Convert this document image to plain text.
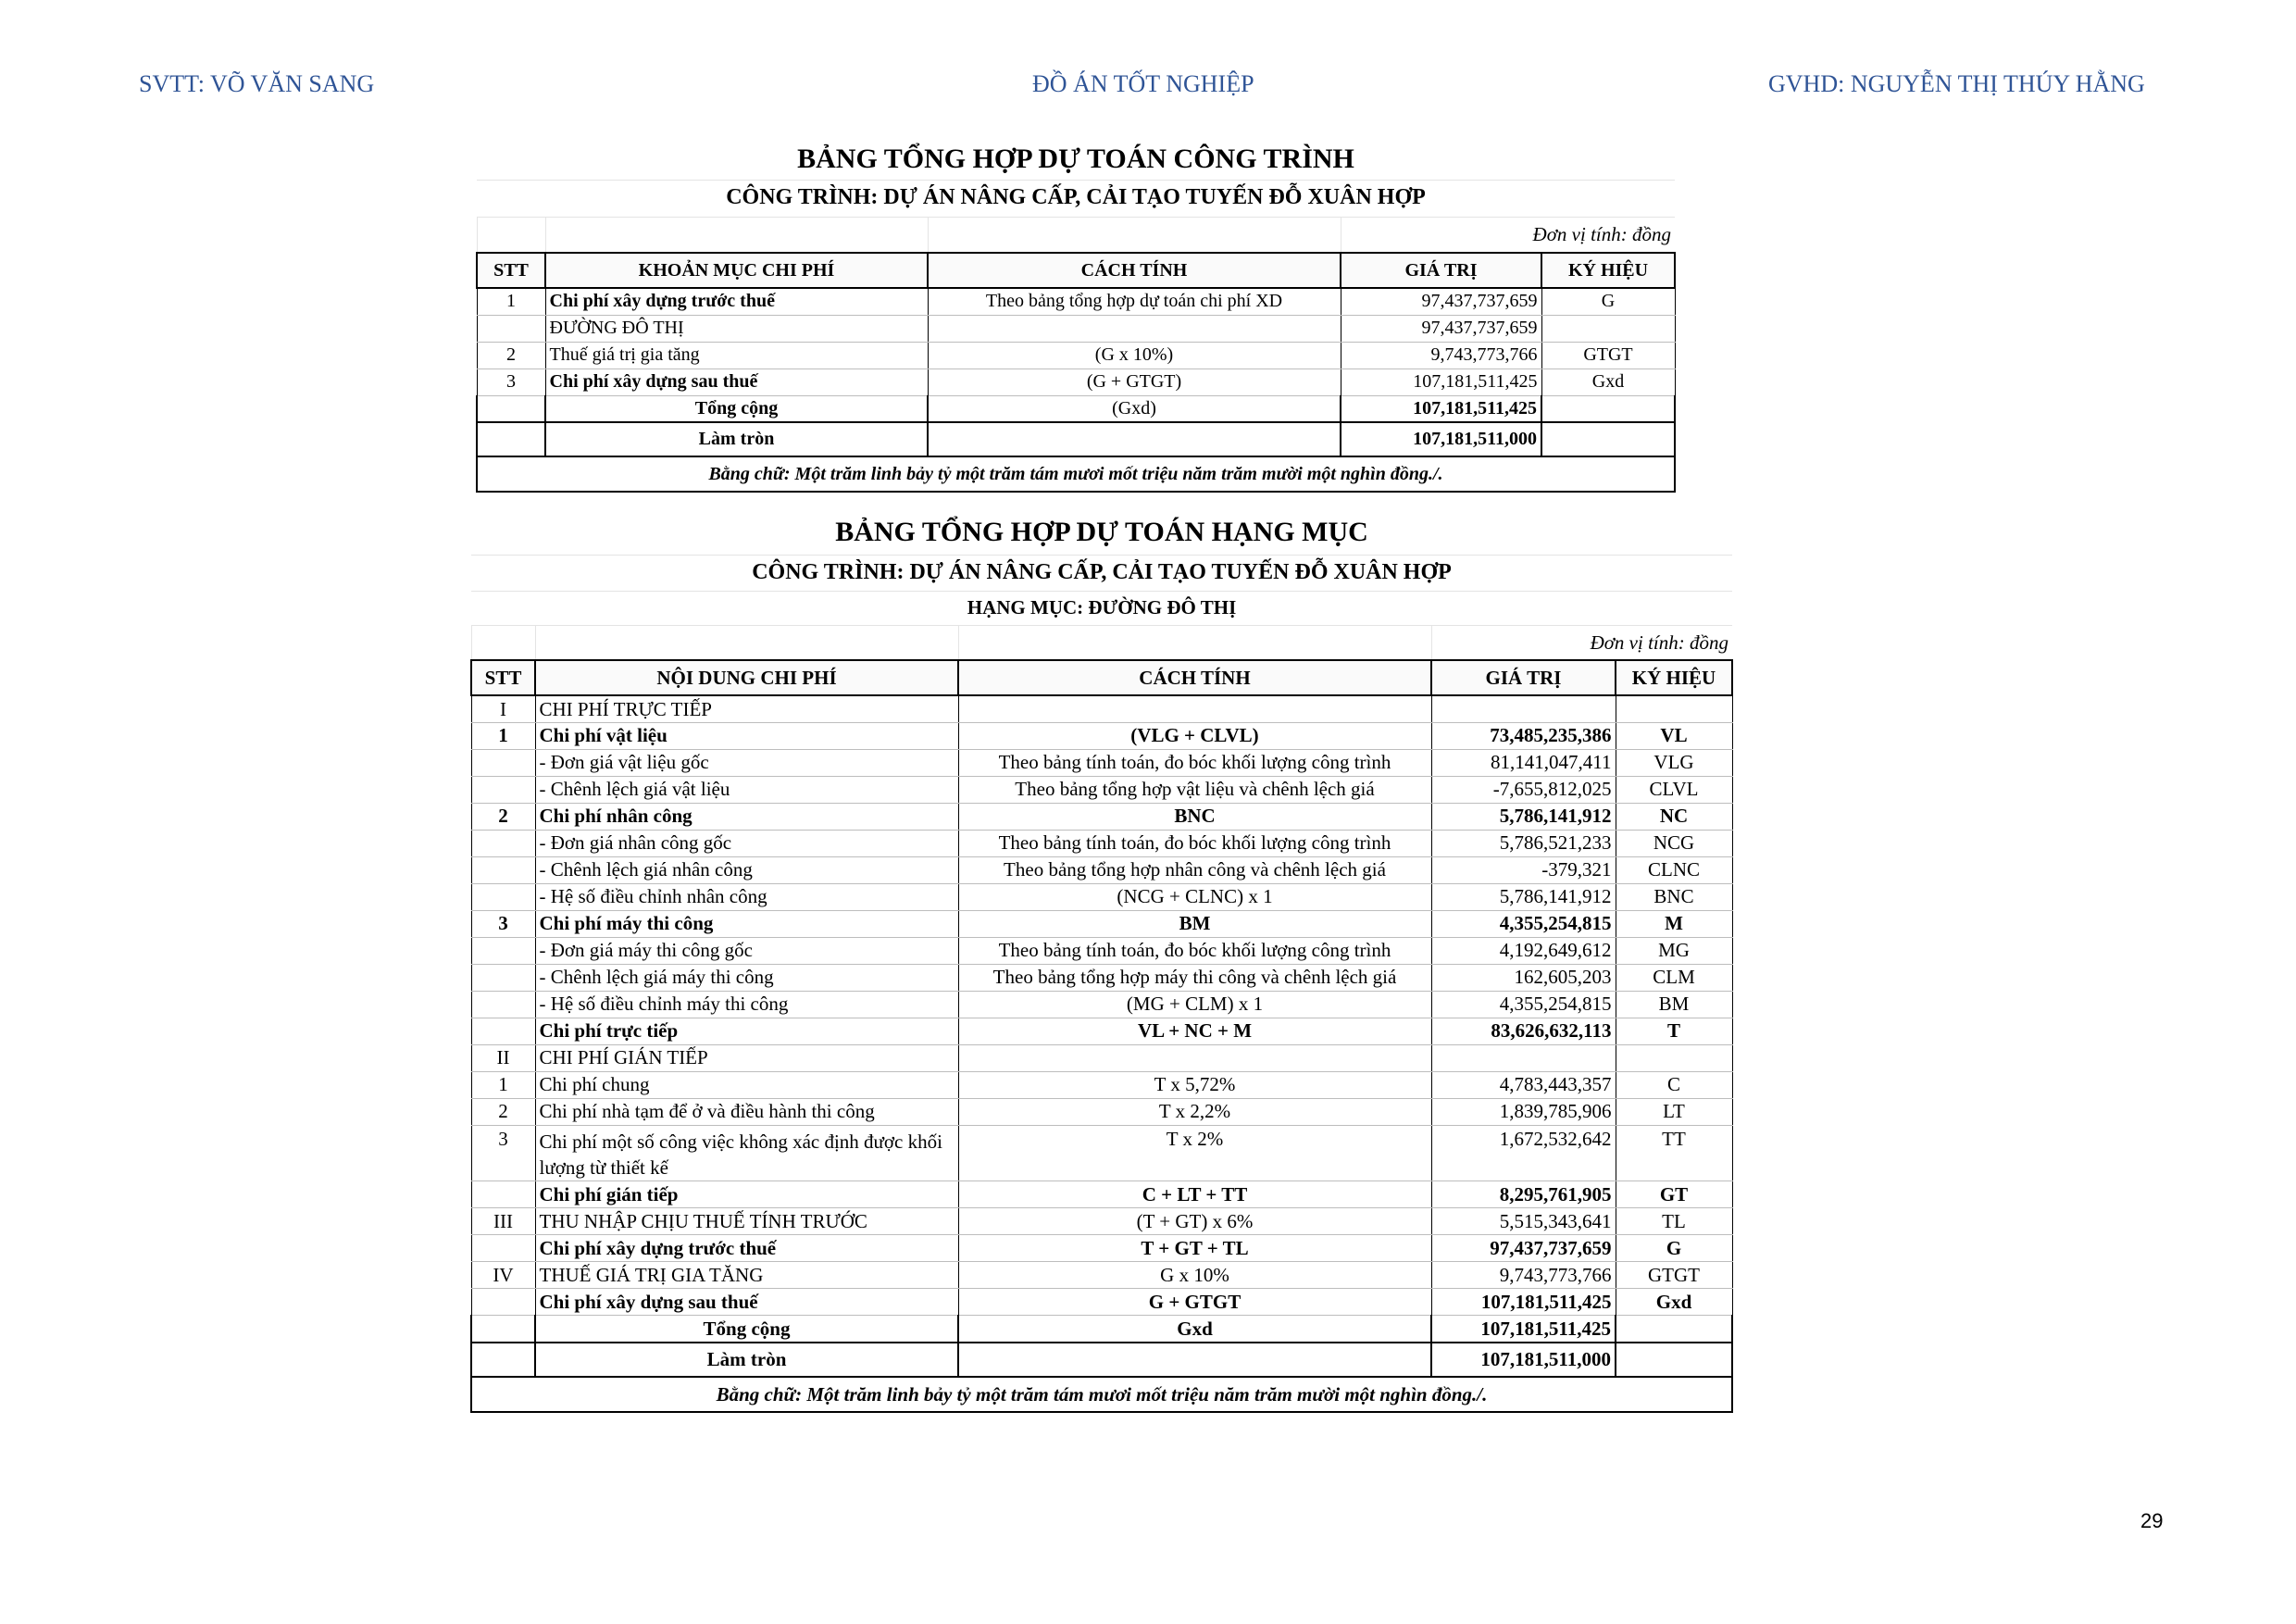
SVTT: VÕ VĂN SANG	ĐỒ ÁN TỐT NGHIỆP	GVHD: NGUYỄN THỊ THÚY HẰNG
BẢNG TỔNG HỢP DỰ TOÁN CÔNG TRÌNH				
CÔNG TRÌNH: DỰ ÁN NÂNG CẤP, CẢI TẠO TUYẾN ĐỖ XUÂN HỢP				
			Đơn vị tính: đồng	
STT	KHOẢN MỤC CHI PHÍ	CÁCH TÍNH	GIÁ TRỊ	KÝ HIỆU
1	Chi phí xây dựng trước thuế	Theo bảng tổng hợp dự toán chi phí XD	97,437,737,659	G
	ĐƯỜNG ĐÔ THỊ		97,437,737,659	
2	Thuế giá trị gia tăng	(G x 10%)	9,743,773,766	GTGT
3	Chi phí xây dựng sau thuế	(G + GTGT)	107,181,511,425	Gxd
	Tổng cộng	(Gxd)	107,181,511,425	
	Làm tròn		107,181,511,000	
Bằng chữ: Một trăm linh bảy tỷ một trăm tám mươi mốt triệu năm trăm mười một nghìn đồng./.				
BẢNG TỔNG HỢP DỰ TOÁN HẠNG MỤC				
CÔNG TRÌNH: DỰ ÁN NÂNG CẤP, CẢI TẠO TUYẾN ĐỖ XUÂN HỢP				
HẠNG MỤC: ĐƯỜNG ĐÔ THỊ				
			Đơn vị tính: đồng	
STT	NỘI DUNG CHI PHÍ	CÁCH TÍNH	GIÁ TRỊ	KÝ HIỆU
I	CHI PHÍ TRỰC TIẾP			
1	Chi phí vật liệu	(VLG + CLVL)	73,485,235,386	VL
	- Đơn giá vật liệu gốc	Theo bảng tính toán, đo bóc khối lượng công trình	81,141,047,411	VLG
	- Chênh lệch giá vật liệu	Theo bảng tổng hợp vật liệu và chênh lệch giá	-7,655,812,025	CLVL
2	Chi phí nhân công	BNC	5,786,141,912	NC
	- Đơn giá nhân công gốc	Theo bảng tính toán, đo bóc khối lượng công trình	5,786,521,233	NCG
	- Chênh lệch giá nhân công	Theo bảng tổng hợp nhân công và chênh lệch giá	-379,321	CLNC
	- Hệ số điều chỉnh nhân công	(NCG + CLNC) x 1	5,786,141,912	BNC
3	Chi phí máy thi công	BM	4,355,254,815	M
	- Đơn giá máy thi công gốc	Theo bảng tính toán, đo bóc khối lượng công trình	4,192,649,612	MG
	- Chênh lệch giá máy thi công	Theo bảng tổng hợp máy thi công và chênh lệch giá	162,605,203	CLM
	- Hệ số điều chỉnh máy thi công	(MG + CLM) x 1	4,355,254,815	BM
	Chi phí trực tiếp	VL + NC + M	83,626,632,113	T
II	CHI PHÍ GIÁN TIẾP			
1	Chi phí chung	T x 5,72%	4,783,443,357	C
2	Chi phí nhà tạm để ở và điều hành thi công	T x 2,2%	1,839,785,906	LT
3	Chi phí một số công việc không xác định được khối lượng từ thiết kế	T x 2%	1,672,532,642	TT
	Chi phí gián tiếp	C + LT + TT	8,295,761,905	GT
III	THU NHẬP CHỊU THUẾ TÍNH TRƯỚC	(T + GT) x 6%	5,515,343,641	TL
	Chi phí xây dựng trước thuế	T + GT + TL	97,437,737,659	G
IV	THUẾ GIÁ TRỊ GIA TĂNG	G x 10%	9,743,773,766	GTGT
	Chi phí xây dựng sau thuế	G + GTGT	107,181,511,425	Gxd
	Tổng cộng	Gxd	107,181,511,425	
	Làm tròn		107,181,511,000	
Bằng chữ: Một trăm linh bảy tỷ một trăm tám mươi mốt triệu năm trăm mười một nghìn đồng./.				
29
